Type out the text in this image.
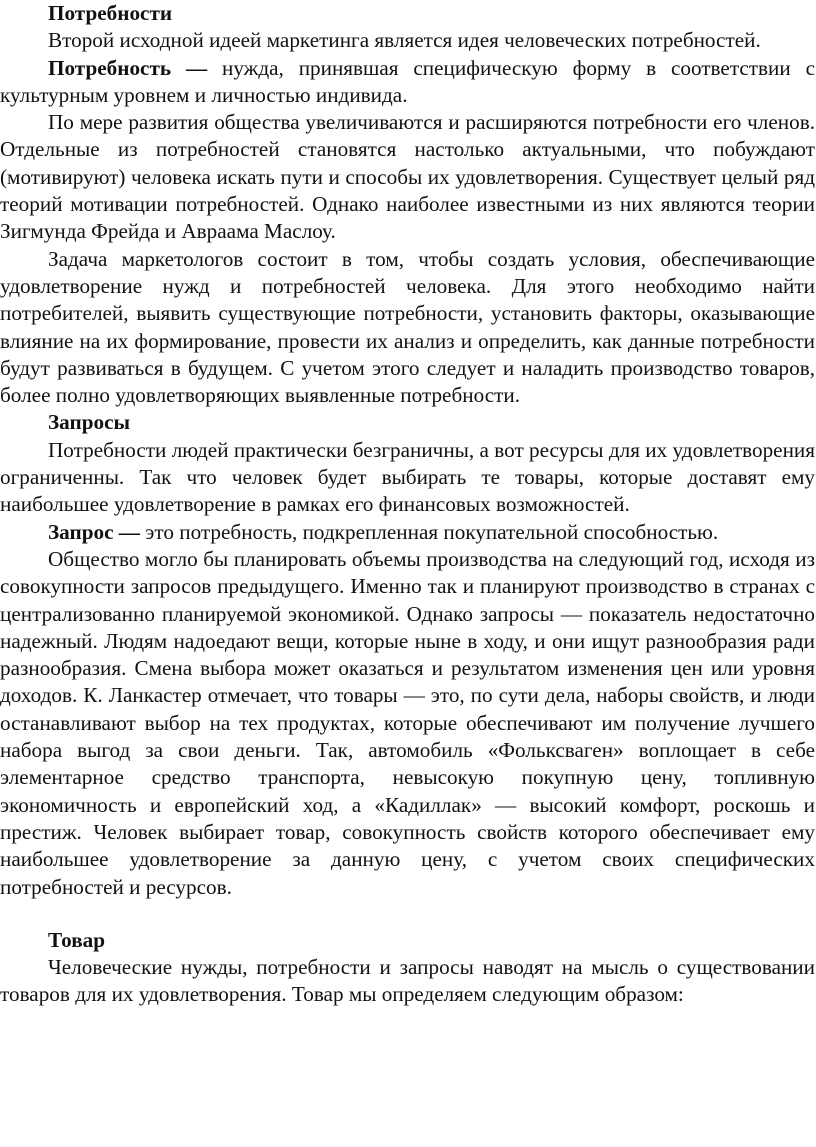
Потребности

Второй исходной идеей маркетинга является идея человеческих потребностей.

Потребность — нужда, принявшая специфическую форму в соответствии с культурным уровнем и личностью индивида.

По мере развития общества увеличиваются и расширяются потребности его членов. Отдельные из потребностей становятся настолько актуальными, что побуждают (мотивируют) человека искать пути и способы их удовлетворения. Существует целый ряд теорий мотивации потребностей. Однако наиболее известными из них являются теории Зигмунда Фрейда и Авраама Маслоу.

Задача маркетологов состоит в том, чтобы создать условия, обеспечивающие удовлетворение нужд и потребностей человека. Для этого необходимо найти потребителей, выявить существующие потребности, установить факторы, оказывающие влияние на их формирование, провести их анализ и определить, как данные потребности будут развиваться в будущем. С учетом этого следует и наладить производство товаров, более полно удовлетворяющих выявленные потребности.

Запросы

Потребности людей практически безграничны, а вот ресурсы для их удовлетворения ограниченны. Так что человек будет выбирать те товары, которые доставят ему наибольшее удовлетворение в рамках его финансовых возможностей.

Запрос — это потребность, подкрепленная покупательной способностью.

Общество могло бы планировать объемы производства на следующий год, исходя из совокупности запросов предыдущего. Именно так и планируют производство в странах с централизованно планируемой экономикой. Однако запросы — показатель недостаточно надежный. Людям надоедают вещи, которые ныне в ходу, и они ищут разнообразия ради разнообразия. Смена выбора может оказаться и результатом изменения цен или уровня доходов. К. Ланкастер отмечает, что товары — это, по сути дела, наборы свойств, и люди останавливают выбор на тех продуктах, которые обеспечивают им получение лучшего набора выгод за свои деньги. Так, автомобиль «Фольксваген» воплощает в себе элементарное средство транспорта, невысокую покупную цену, топливную экономичность и европейский ход, а «Кадиллак» — высокий комфорт, роскошь и престиж. Человек выбирает товар, совокупность свойств которого обеспечивает ему наибольшее удовлетворение за данную цену, с учетом своих специфических потребностей и ресурсов.

Товар

Человеческие нужды, потребности и запросы наводят на мысль о существовании товаров для их удовлетворения. Товар мы определяем следующим образом:
